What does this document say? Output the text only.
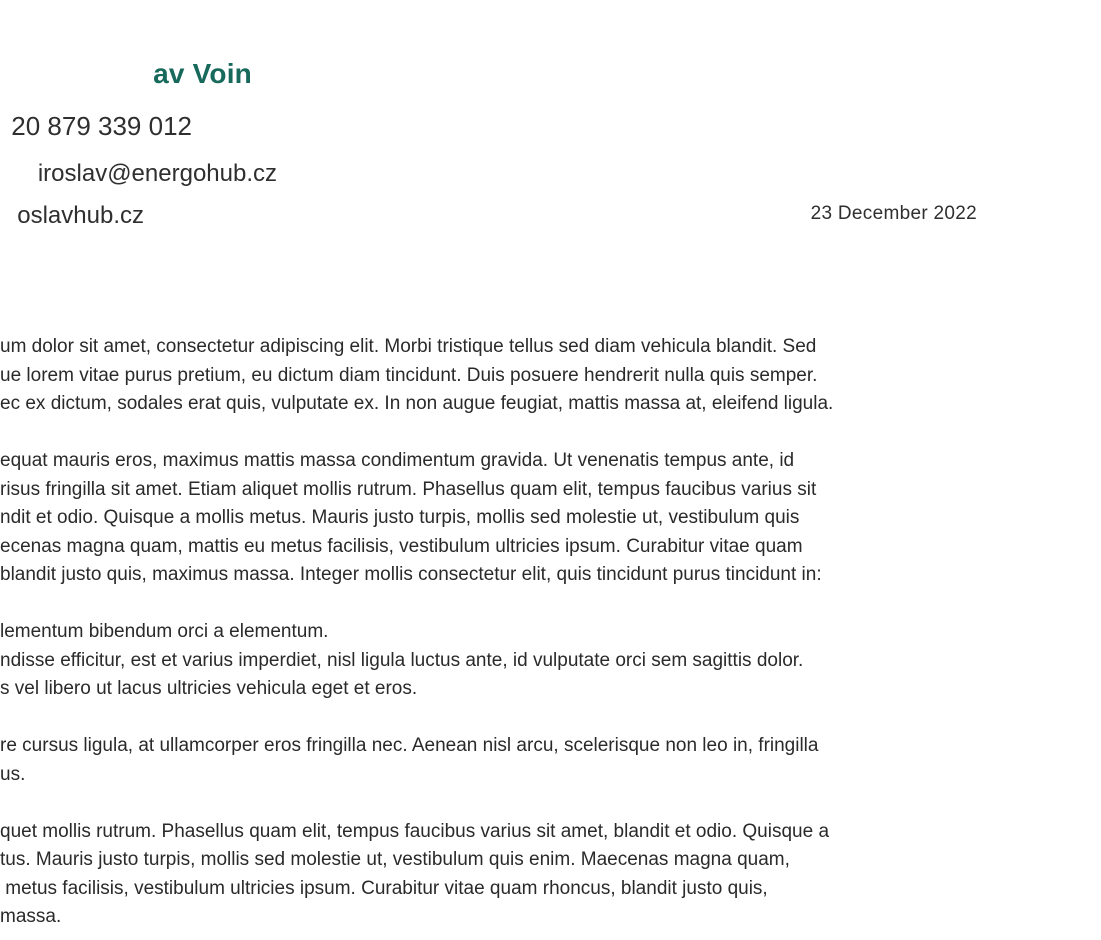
av Voin
20 879 339 012
iroslav@energohub.cz
oslavhub.cz	23 December 2022
um dolor sit amet, consectetur adipiscing elit. Morbi tristique tellus sed diam vehicula blandit. Sed
ue lorem vitae purus pretium, eu dictum diam tincidunt. Duis posuere hendrerit nulla quis semper.
ec ex dictum, sodales erat quis, vulputate ex. In non augue feugiat, mattis massa at, eleifend ligula.
equat mauris eros, maximus mattis massa condimentum gravida. Ut venenatis tempus ante, id
risus fringilla sit amet. Etiam aliquet mollis rutrum. Phasellus quam elit, tempus faucibus varius sit
ndit et odio. Quisque a mollis metus. Mauris justo turpis, mollis sed molestie ut, vestibulum quis
ecenas magna quam, mattis eu metus facilisis, vestibulum ultricies ipsum. Curabitur vitae quam
blandit justo quis, maximus massa. Integer mollis consectetur elit, quis tincidunt purus tincidunt in:
lementum bibendum orci a elementum.
ndisse efficitur, est et varius imperdiet, nisl ligula luctus ante, id vulputate orci sem sagittis dolor.
s vel libero ut lacus ultricies vehicula eget et eros.
re cursus ligula, at ullamcorper eros fringilla nec. Aenean nisl arcu, scelerisque non leo in, fringilla
us.
quet mollis rutrum. Phasellus quam elit, tempus faucibus varius sit amet, blandit et odio. Quisque a
tus. Mauris justo turpis, mollis sed molestie ut, vestibulum quis enim. Maecenas magna quam,
metus facilisis, vestibulum ultricies ipsum. Curabitur vitae quam rhoncus, blandit justo quis,
massa.
